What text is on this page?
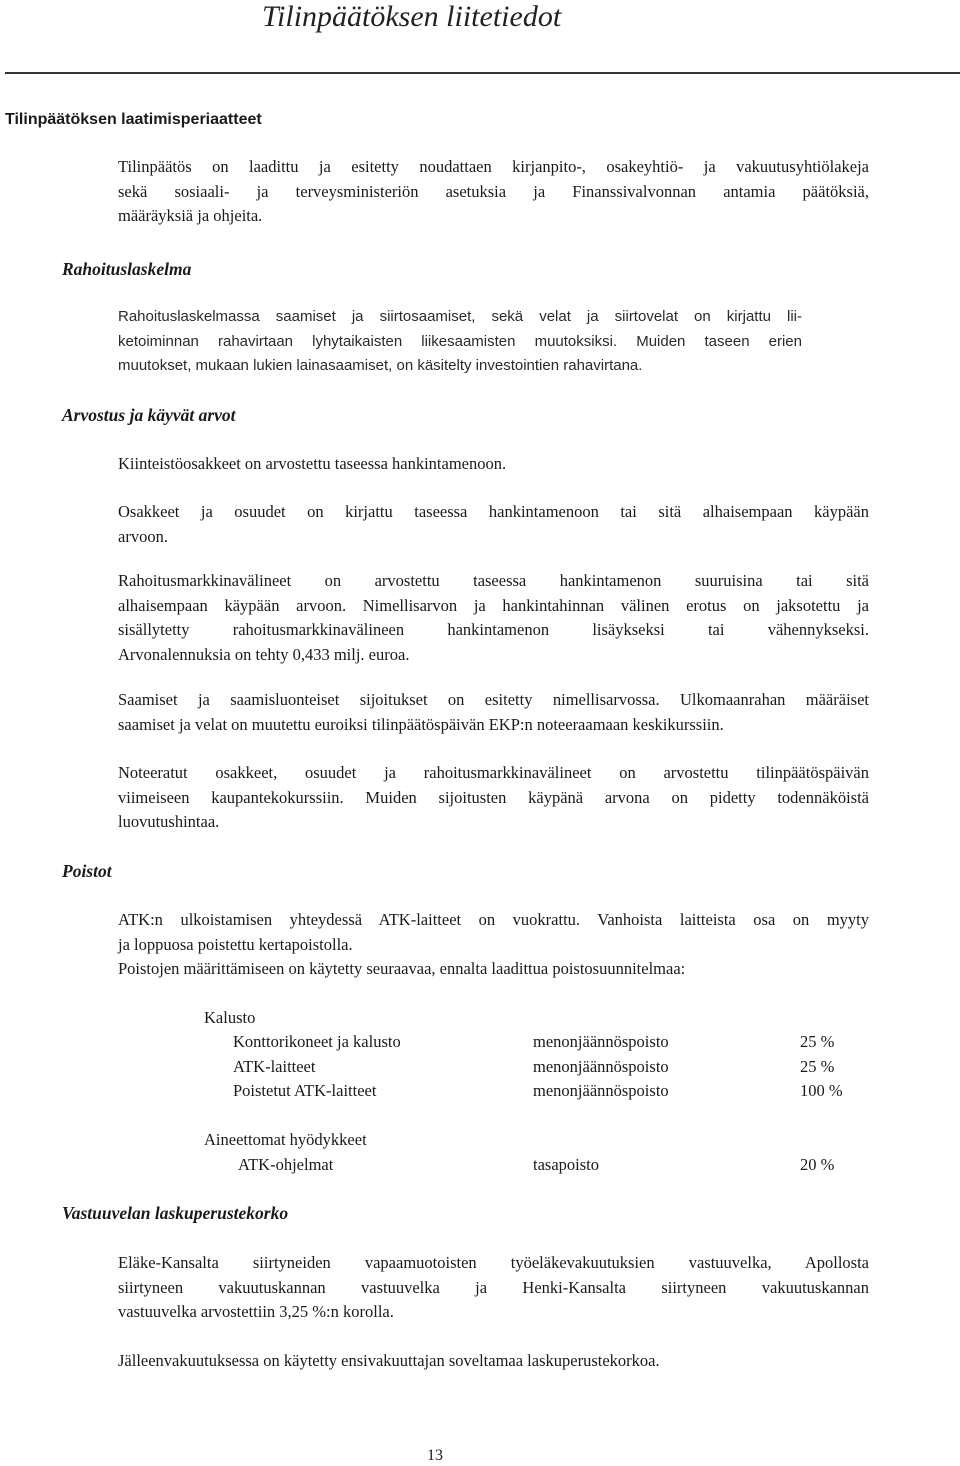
Tilinpäätöksen liitetiedot
Tilinpäätöksen laatimisperiaatteet
Tilinpäätös on laadittu ja esitetty noudattaen kirjanpito-, osakeyhtiö- ja vakuutusyhtiölakeja
sekä sosiaali- ja terveysministeriön asetuksia ja Finanssivalvonnan antamia päätöksiä,
määräyksiä ja ohjeita.
Rahoituslaskelma
Rahoituslaskelmassa saamiset ja siirtosaamiset, sekä velat ja siirtovelat on kirjattu lii-
ketoiminnan rahavirtaan lyhytaikaisten liikesaamisten muutoksiksi. Muiden taseen erien
muutokset, mukaan lukien lainasaamiset, on käsitelty investointien rahavirtana.
Arvostus ja käyvät arvot
Kiinteistöosakkeet on arvostettu taseessa hankintamenoon.
Osakkeet ja osuudet on kirjattu taseessa hankintamenoon tai sitä alhaisempaan käypään
arvoon.
Rahoitusmarkkinavälineet on arvostettu taseessa hankintamenon suuruisina tai sitä
alhaisempaan käypään arvoon. Nimellisarvon ja hankintahinnan välinen erotus on jaksotettu ja
sisällytetty rahoitusmarkkinavälineen hankintamenon lisäykseksi tai vähennykseksi.
Arvonalennuksia on tehty 0,433 milj. euroa.
Saamiset ja saamisluonteiset sijoitukset on esitetty nimellisarvossa. Ulkomaanrahan määräiset
saamiset ja velat on muutettu euroiksi tilinpäätöspäivän EKP:n noteeraamaan keskikurssiin.
Noteeratut osakkeet, osuudet ja rahoitusmarkkinavälineet on arvostettu tilinpäätöspäivän
viimeiseen kaupantekokurssiin. Muiden sijoitusten käypänä arvona on pidetty todennäköistä
luovutushintaa.
Poistot
ATK:n ulkoistamisen yhteydessä ATK-laitteet on vuokrattu. Vanhoista laitteista osa on myyty
ja loppuosa poistettu kertapoistolla.
Poistojen määrittämiseen on käytetty seuraavaa, ennalta laadittua poistosuunnitelmaa:
Kalusto
Konttorikoneet ja kalusto	menonjäännöspoisto	25 %
ATK-laitteet	menonjäännöspoisto	25 %
Poistetut ATK-laitteet	menonjäännöspoisto	100 %
Aineettomat hyödykkeet
ATK-ohjelmat	tasapoisto	20 %
Vastuuvelan laskuperustekorko
Eläke-Kansalta siirtyneiden vapaamuotoisten työeläkevakuutuksien vastuuvelka, Apollosta
siirtyneen vakuutuskannan vastuuvelka ja Henki-Kansalta siirtyneen vakuutuskannan
vastuuvelka arvostettiin 3,25 %:n korolla.
Jälleenvakuutuksessa on käytetty ensivakuuttajan soveltamaa laskuperustekorkoa.
13
